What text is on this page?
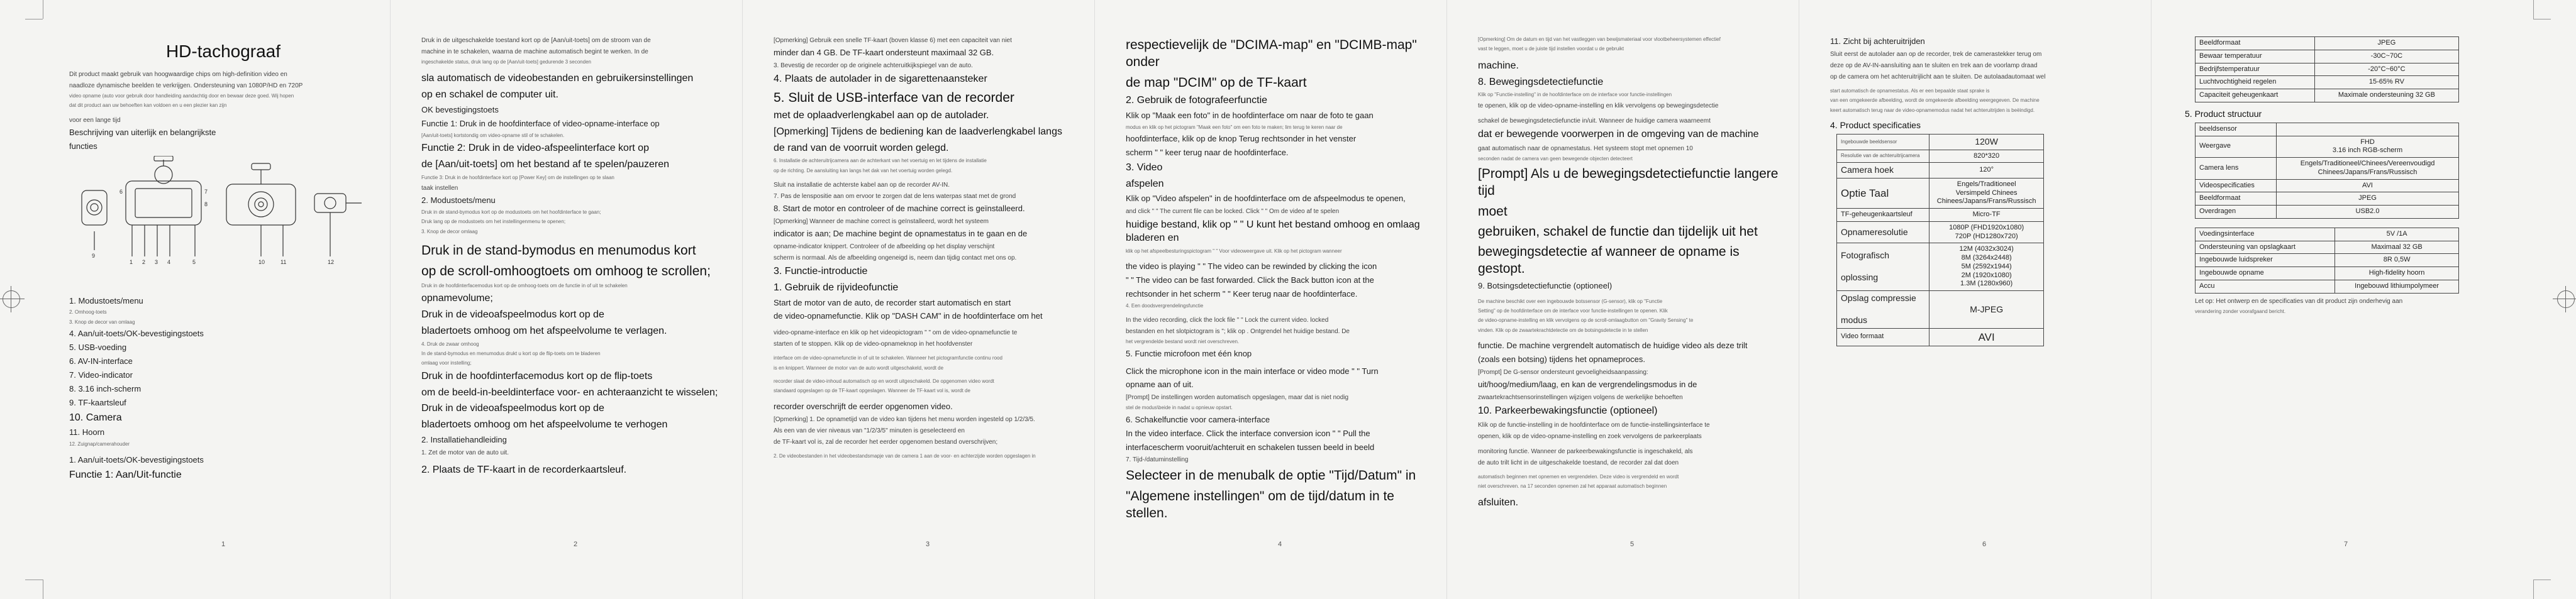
HD-tachograaf

Dit product maakt gebruik van hoogwaardige chips om high-definition video en

naadloze dynamische beelden te verkrijgen. Ondersteuning van 1080P/HD en 720P

video opname (auto voor gebruik door handleiding aandachtig door en bewaar deze goed. Wij hopen

dat dit product aan uw behoeften kan voldoen en u een plezier kan zijn

voor een lange tijd

Beschrijving van uiterlijk en belangrijkste

functies

9
1 2 3 4	5	10	11	12
6	7
8

1. Modustoets/menu

2. Omhoog-toets

3. Knop de decor van omlaag

4. Aan/uit-toets/OK-bevestigingstoets

5. USB-voeding

6. AV-IN-interface

7. Video-indicator

8. 3.16 inch-scherm

9. TF-kaartsleuf

10. Camera

11. Hoorn

12. Zuignap/camerahouder

1. Aan/uit-toets/OK-bevestigingstoets

Functie 1: Aan/Uit-functie

1

Druk in de uitgeschakelde toestand kort op de [Aan/uit-toets] om de stroom van de

machine in te schakelen, waarna de machine automatisch begint te werken. In de

ingeschakelde status, druk lang op de [Aan/uit-toets] gedurende 3 seconden

sla automatisch de videobestanden en gebruikersinstellingen

op en schakel de computer uit.

OK bevestigingstoets

Functie 1: Druk in de hoofdinterface of video-opname-interface op

[Aan/uit-toets] kortstondig om video-opname stil of te schakelen.

Functie 2: Druk in de video-afspeelinterface kort op

de [Aan/uit-toets] om het bestand af te spelen/pauzeren

Functie 3: Druk in de hoofdinterface kort op [Power Key] om de instellingen op te slaan

taak instellen

2. Modustoets/menu

Druk in de stand-bymodus kort op de modustoets om het hoofdinterface te gaan;

Druk lang op de modustoets om het instellingenmenu te openen;

3. Knop de decor omlaag

Druk in de stand-bymodus en menumodus kort

op de scroll-omhoogtoets om omhoog te scrollen;

Druk in de hoofdinterfacemodus kort op de omhoog-toets om de functie in of uit te schakelen

opnamevolume;

Druk in de videoafspeelmodus kort op de

bladertoets omhoog om het afspeelvolume te verlagen.

4. Druk de zwaar omhoog

In de stand-bymodus en menumodus drukt u kort op de flip-toets om te bladeren

omlaag voor instelling;

Druk in de hoofdinterfacemodus kort op de flip-toets

om de beeld-in-beeldinterface voor- en achteraanzicht te wisselen;

Druk in de videoafspeelmodus kort op de

bladertoets omhoog om het afspeelvolume te verhogen

2. Installatiehandleiding

1. Zet de motor van de auto uit.

2. Plaats de TF-kaart in de recorderkaartsleuf.

2

[Opmerking] Gebruik een snelle TF-kaart (boven klasse 6) met een capaciteit van niet

minder dan 4 GB. De TF-kaart ondersteunt maximaal 32 GB.

3. Bevestig de recorder op de originele achteruitkijkspiegel van de auto.

4. Plaats de autolader in de sigarettenaansteker

5. Sluit de USB-interface van de recorder

met de oplaadverlengkabel aan op de autolader.

[Opmerking] Tijdens de bediening kan de laadverlengkabel langs

de rand van de voorruit worden gelegd.

6. Installatie de achteruitrijcamera aan de achterkant van het voertuig en let tijdens de installatie

op de richting. De aansluiting kan langs het dak van het voertuig worden gelegd.

Sluit na installatie de achterste kabel aan op de recorder AV-IN.

7. Pas de lenspositie aan om ervoor te zorgen dat de lens waterpas staat met de grond

8. Start de motor en controleer of de machine correct is geïnstalleerd.

[Opmerking] Wanneer de machine correct is geïnstalleerd, wordt het systeem

indicator is aan; De machine begint de opnamestatus in te gaan en de

opname-indicator knippert. Controleer of de afbeelding op het display verschijnt

scherm is normaal. Als de afbeelding ongeneigd is, neem dan tijdig contact met ons op.

3. Functie-introductie

1. Gebruik de rijvideofunctie

Start de motor van de auto, de recorder start automatisch en start

de video-opnamefunctie. Klik op "DASH CAM" in de hoofdinterface om het

video-opname-interface en klik op het videopictogram " " om de video-opnamefunctie te

starten of te stoppen. Klik op de video-opnameknop in het hoofdvenster

interface om de video-opnamefunctie in of uit te schakelen. Wanneer het pictogramfunctie continu rood

is en knippert. Wanneer de motor van de auto wordt uitgeschakeld, wordt de

recorder slaat de video-inhoud automatisch op en wordt uitgeschakeld. De opgenomen video wordt

standaard opgeslagen op de TF-kaart opgeslagen. Wanneer de TF-kaart vol is, wordt de

recorder overschrijft de eerder opgenomen video.

[Opmerking] 1. De opnametijd van de video kan tijdens het menu worden ingesteld op 1/2/3/5.

Als een van de vier niveaus van "1/2/3/5" minuten is geselecteerd en

de TF-kaart vol is, zal de recorder het eerder opgenomen bestand overschrijven;

2. De videobestanden in het videobestandsmapje van de camera 1 aan de voor- en achterzijde worden opgeslagen in

3

respectievelijk de "DCIMA-map" en "DCIMB-map" onder

de map "DCIM" op de TF-kaart

2. Gebruik de fotografeerfunctie

Klik op "Maak een foto" in de hoofdinterface om naar de foto te gaan

modus en klik op het pictogram "Maak een foto" om een foto te maken; lim terug te keren naar de

hoofdinterface, klik op de knop Terug rechtsonder in het venster

scherm " " keer terug naar de hoofdinterface.

3. Video

afspelen

Klik op "Video afspelen" in de hoofdinterface om de afspeelmodus te openen,

and click " " The current file can be locked. Click " " Om de video af te spelen

huidige bestand, klik op " " U kunt het bestand omhoog en omlaag bladeren en

klik op het afspeelbesturingspictogram " " Voor videoweergave uit. Klik op het pictogram wanneer

the video is playing " " The video can be rewinded by clicking the icon

" " The video can be fast forwarded. Click the Back button icon at the

rechtsonder in het scherm " " Keer terug naar de hoofdinterface.

4. Een doodsvergrendelingsfunctie

In the video recording, click the lock file " " Lock the current video. locked

bestanden en het slotpictogram is "; klik op . Ontgrendel het huidige bestand. De

het vergrendelde bestand wordt niet overschreven.

5. Functie microfoon met één knop

Click the microphone icon in the main interface or video mode " " Turn

opname aan of uit.

[Prompt] De instellingen worden automatisch opgeslagen, maar dat is niet nodig

stel de modus\beide in nadat u opnieuw opstart.

6. Schakelfunctie voor camera-interface

In the video interface. Click the interface conversion icon " " Pull the

interfacescherm vooruit/achteruit en schakelen tussen beeld in beeld

7. Tijd-/datuminstelling

Selecteer in de menubalk de optie "Tijd/Datum" in

"Algemene instellingen" om de tijd/datum in te stellen.

4

[Opmerking] Om de datum en tijd van het vastleggen van bewijsmateriaal voor vlootbeheersystemen effectief

vast te leggen, moet u de juiste tijd instellen voordat u de gebruikt

machine.

8. Bewegingsdetectiefunctie

Klik op "Functie-instelling" in de hoofdinterface om de interface voor functie-instellingen

te openen, klik op de video-opname-instelling en klik vervolgens op bewegingsdetectie

schakel de bewegingsdetectiefunctie in/uit. Wanneer de huidige camera waarneemt

dat er bewegende voorwerpen in de omgeving van de machine

gaat automatisch naar de opnamestatus. Het systeem stopt met opnemen 10

seconden nadat de camera van geen bewegende objecten detecteert

[Prompt] Als u de bewegingsdetectiefunctie langere tijd

moet

gebruiken, schakel de functie dan tijdelijk uit het

bewegingsdetectie af wanneer de opname is gestopt.

9. Botsingsdetectiefunctie (optioneel)

De machine beschikt over een ingebouwde botssensor (G-sensor), klik op "Functie

Setting" op de hoofdinterface om de interface voor functie-instellingen te openen. Klik

de video-opname-instelling en klik vervolgens op de scroll-omlaagbutton om "Gravity Sensing" te

vinden. Klik op de zwaartekrachtdetectie om de botsingsdetectie in te stellen

functie. De machine vergrendelt automatisch de huidige video als deze trilt

(zoals een botsing) tijdens het opnameproces.

[Prompt] De G-sensor ondersteunt gevoeligheidsaanpassing:

uit/hoog/medium/laag, en kan de vergrendelingsmodus in de

zwaartekrachtsensorinstellingen wijzigen volgens de werkelijke behoeften

10. Parkeerbewakingsfunctie (optioneel)

Klik op de functie-instelling in de hoofdinterface om de functie-instellingsinterface te

openen, klik op de video-opname-instelling en zoek vervolgens de parkeerplaats

monitoring functie. Wanneer de parkeerbewakingsfunctie is ingeschakeld, als

de auto trilt licht in de uitgeschakelde toestand, de recorder zal dat doen

automatisch beginnen met opnemen en vergrendelen. Deze video is vergrendeld en wordt

niet overschreven. na 17 seconden opnemen zal het apparaat automatisch beginnen

afsluiten.

5

11. Zicht bij achteruitrijden

Sluit eerst de autolader aan op de recorder, trek de camerastekker terug om

deze op de AV-IN-aansluiting aan te sluiten en trek aan de voorlamp draad

op de camera om het achteruitrijlicht aan te sluiten. De autolaadautomaat wel

start automatisch de opnamestatus. Als er een bepaalde staat sprake is

van een omgekeerde afbeelding, wordt de omgekeerde afbeelding weergegeven. De machine

keert automatisch terug naar de video-opnamemodus nadat het achteruitrijden is beëindigd.

4. Product specificaties
Ingebouwde beeldsensor	120W
Resolutie van de achteruitrijcamera	820*320
Camera hoek	120°
Optie Taal	Engels/Traditioneel
Versimpeld Chinees
Chinees/Japans/Frans/Russisch
TF-geheugenkaartsleuf	Micro-TF
Opnameresolutie	1080P (FHD1920x1080)
720P (HD1280x720)
Fotografisch

oplossing	12M (4032x3024)
8M (3264x2448)
5M (2592x1944)
2M (1920x1080)
1.3M (1280x960)
Opslag compressie

modus	M-JPEG
Video formaat	AVI
6
Beeldformaat	JPEG
Bewaar temperatuur	-30C~70C
Bedrijfstemperatuur	-20°C~60°C
Luchtvochtigheid regelen	15-65% RV
Capaciteit geheugenkaart	Maximale ondersteuning 32 GB
5. Product structuur
beeldsensor	
Weergave	FHD
3.16 inch RGB-scherm
Camera lens	Engels/Traditioneel/Chinees/Vereenvoudigd
Chinees/Japans/Frans/Russisch
Videospecificaties	AVI
Beeldformaat	JPEG
Overdragen	USB2.0
Voedingsinterface	5V /1A
Ondersteuning van opslagkaart	Maximaal 32 GB
Ingebouwde luidspreker	8R 0,5W
Ingebouwde opname	High-fidelity hoorn
Accu	Ingebouwd lithiumpolymeer

Let op: Het ontwerp en de specificaties van dit product zijn onderhevig aan

verandering zonder voorafgaand bericht.

7
